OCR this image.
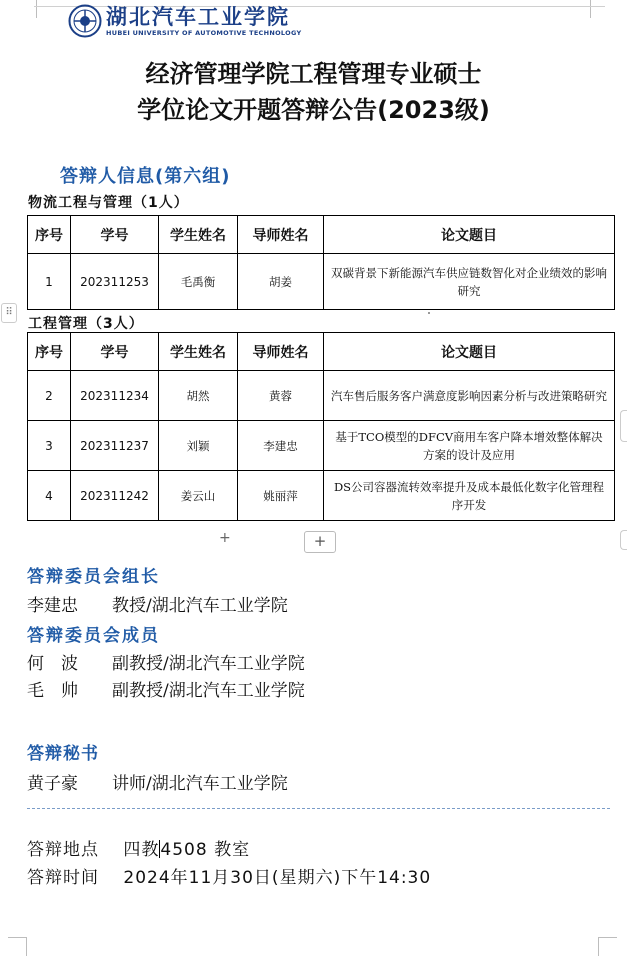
湖北汽车工业学院
HUBEI UNIVERSITY OF AUTOMOTIVE TECHNOLOGY
经济管理学院工程管理专业硕士
学位论文开题答辩公告(2023级)
答辩人信息(第六组)
物流工程与管理（1人）
序号	学号	学生姓名	导师姓名	论文题目
1	202311253	毛禹衡	胡姜	双碳背景下新能源汽车供应链数智化对企业绩效的影响研究
⠿
工程管理（3人）
序号	学号	学生姓名	导师姓名	论文题目
2	202311234	胡然	黄蓉	汽车售后服务客户满意度影响因素分析与改进策略研究
3	202311237	刘颖	李建忠	基于TCO模型的DFCV商用车客户降本增效整体解决方案的设计及应用
4	202311242	姜云山	姚丽萍	DS公司容器流转效率提升及成本最低化数字化管理程序开发
+	+
答辩委员会组长
李建忠　　 教授/湖北汽车工业学院
答辩委员会成员
何　波　　 副教授/湖北汽车工业学院
毛　帅　　 副教授/湖北汽车工业学院
答辩秘书
黄子豪　　 讲师/湖北汽车工业学院
答辩地点　 四教4508 教室
答辩时间　 2024年11月30日(星期六)下午14:30
